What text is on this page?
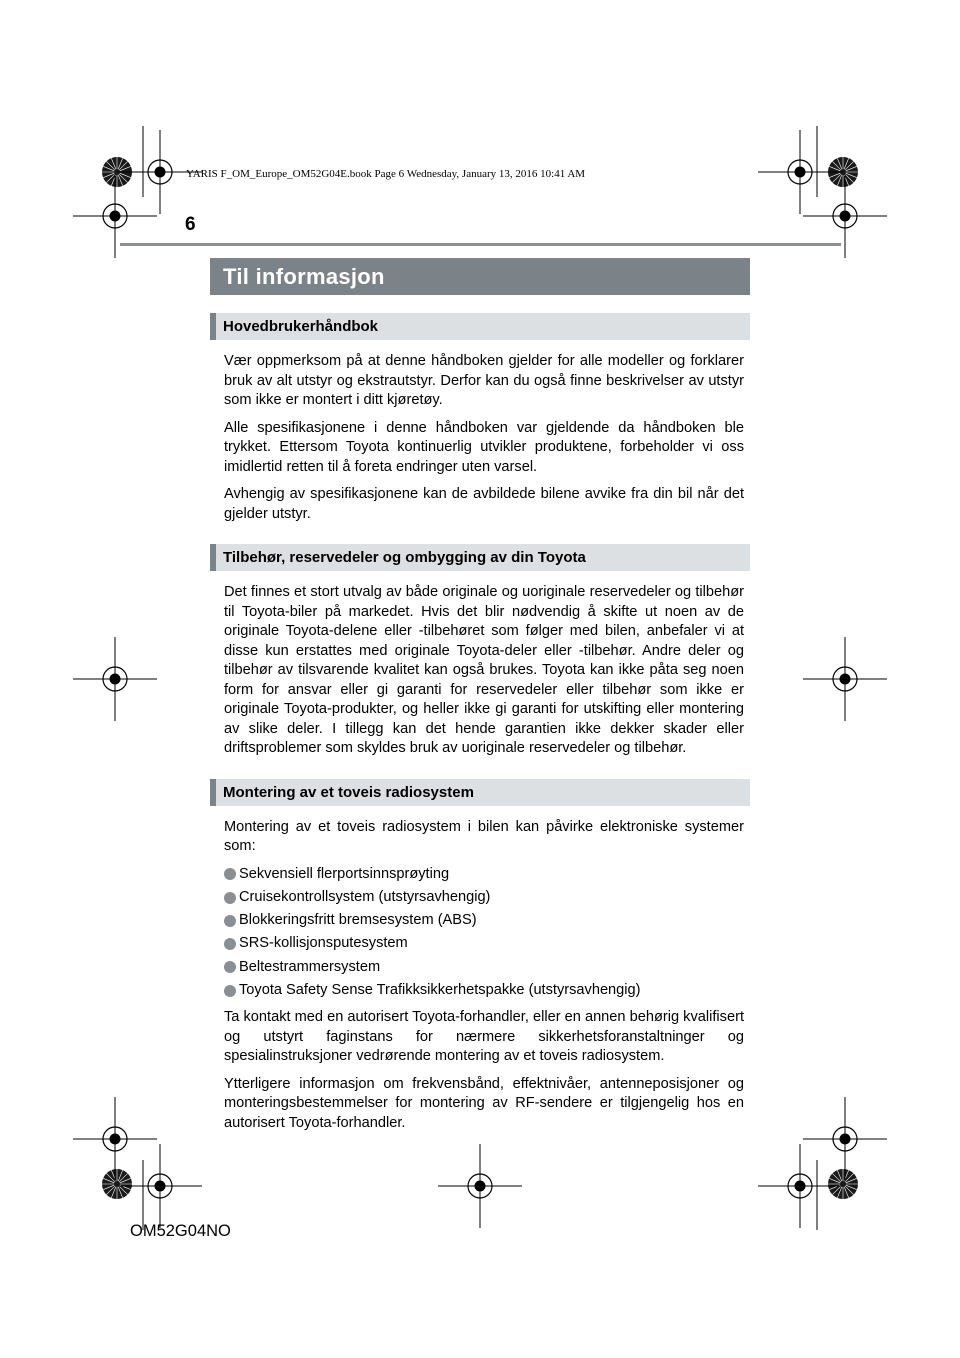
YARIS F_OM_Europe_OM52G04E.book Page 6 Wednesday, January 13, 2016 10:41 AM

6

Til informasjon
Hovedbrukerhåndbok

Vær oppmerksom på at denne håndboken gjelder for alle modeller og forklarer bruk av alt utstyr og ekstrautstyr. Derfor kan du også finne beskrivelser av utstyr som ikke er montert i ditt kjøretøy.

Alle spesifikasjonene i denne håndboken var gjeldende da håndboken ble trykket. Ettersom Toyota kontinuerlig utvikler produktene, forbeholder vi oss imidlertid retten til å foreta endringer uten varsel.

Avhengig av spesifikasjonene kan de avbildede bilene avvike fra din bil når det gjelder utstyr.

Tilbehør, reservedeler og ombygging av din Toyota

Det finnes et stort utvalg av både originale og uoriginale reservedeler og tilbehør til Toyota-biler på markedet. Hvis det blir nødvendig å skifte ut noen av de originale Toyota-delene eller -tilbehøret som følger med bilen, anbefaler vi at disse kun erstattes med originale Toyota-deler eller -tilbehør. Andre deler og tilbehør av tilsvarende kvalitet kan også brukes. Toyota kan ikke påta seg noen form for ansvar eller gi garanti for reservedeler eller tilbehør som ikke er originale Toyota-produkter, og heller ikke gi garanti for utskifting eller montering av slike deler. I tillegg kan det hende garantien ikke dekker skader eller driftsproblemer som skyldes bruk av uoriginale reservedeler og tilbehør.

Montering av et toveis radiosystem

Montering av et toveis radiosystem i bilen kan påvirke elektroniske systemer som:

Sekvensiell flerportsinnsprøyting
Cruisekontrollsystem (utstyrsavhengig)
Blokkeringsfritt bremsesystem (ABS)
SRS-kollisjonsputesystem
Beltestrammersystem
Toyota Safety Sense Trafikksikkerhetspakke (utstyrsavhengig)

Ta kontakt med en autorisert Toyota-forhandler, eller en annen behørig kvalifisert og utstyrt faginstans for nærmere sikkerhetsforanstaltninger og spesialinstruksjoner vedrørende montering av et toveis radiosystem.

Ytterligere informasjon om frekvensbånd, effektnivåer, antenneposisjoner og monteringsbestemmelser for montering av RF-sendere er tilgjengelig hos en autorisert Toyota-forhandler.

OM52G04NO
